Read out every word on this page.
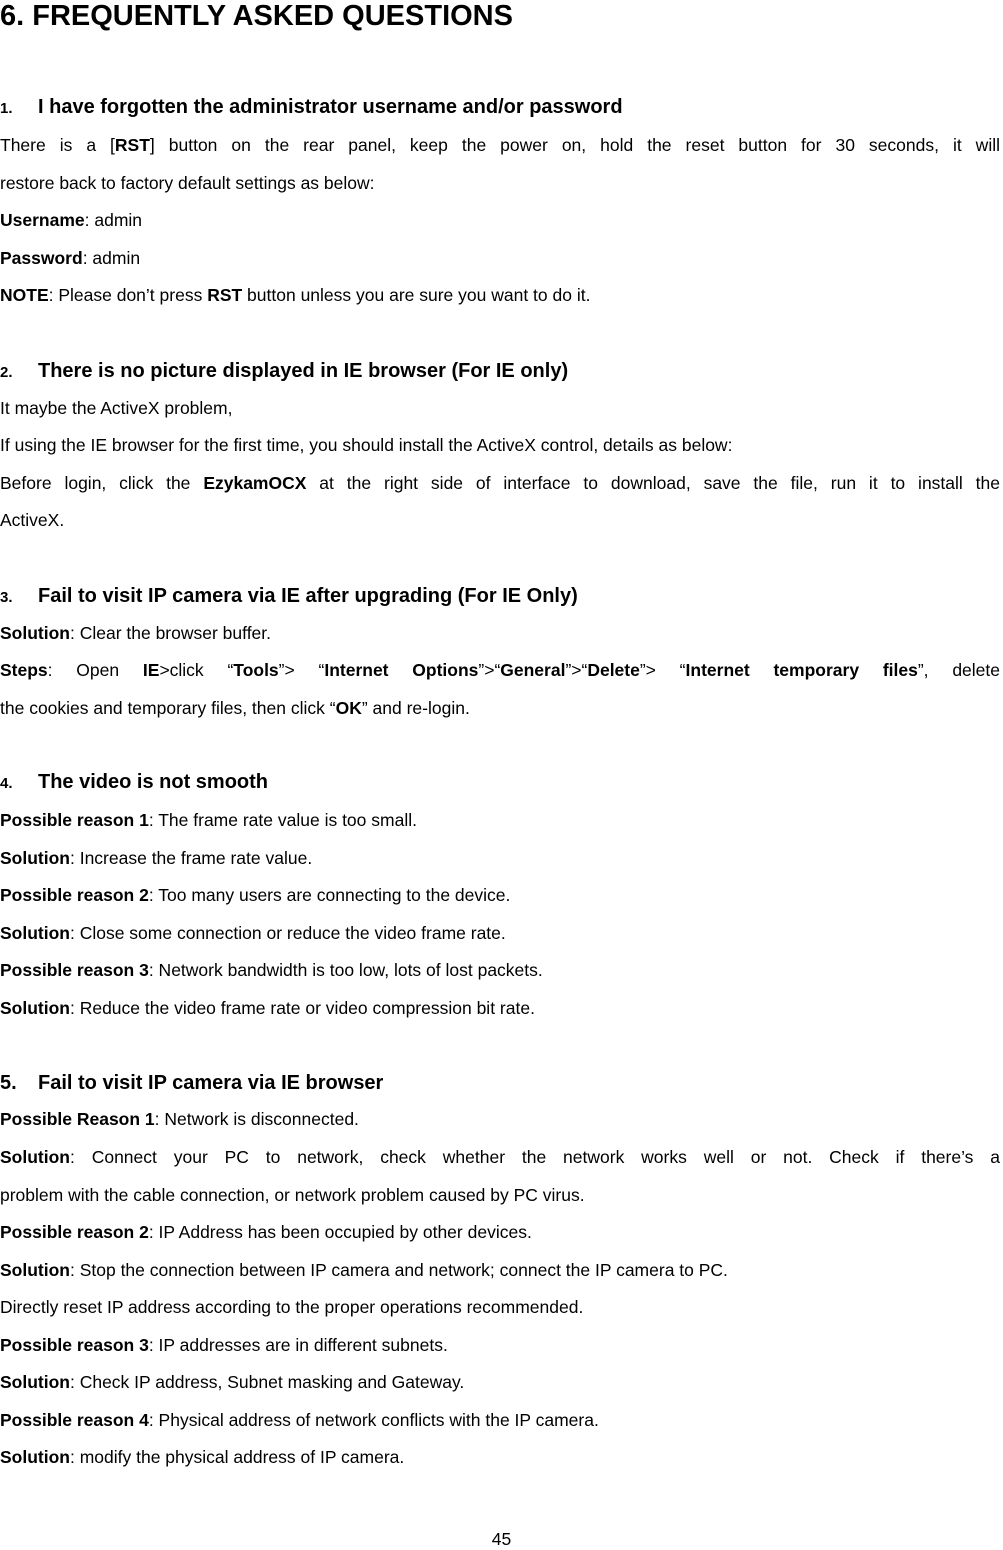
6. FREQUENTLY ASKED QUESTIONS
1. I have forgotten the administrator username and/or password

There is a [RST] button on the rear panel, keep the power on, hold the reset button for 30 seconds, it will

restore back to factory default settings as below:

Username: admin

Password: admin

NOTE: Please don’t press RST button unless you are sure you want to do it.

2. There is no picture displayed in IE browser (For IE only)

It maybe the ActiveX problem,

If using the IE browser for the first time, you should install the ActiveX control, details as below:

Before login, click the EzykamOCX at the right side of interface to download, save the file, run it to install the

ActiveX.

3. Fail to visit IP camera via IE after upgrading (For IE Only)

Solution: Clear the browser buffer.

Steps: Open IE>click “Tools”> “Internet Options”>“General”>“Delete”> “Internet temporary files”, delete

the cookies and temporary files, then click “OK” and re-login.

4. The video is not smooth

Possible reason 1: The frame rate value is too small.

Solution: Increase the frame rate value.

Possible reason 2: Too many users are connecting to the device.

Solution: Close some connection or reduce the video frame rate.

Possible reason 3: Network bandwidth is too low, lots of lost packets.

Solution: Reduce the video frame rate or video compression bit rate.

5. Fail to visit IP camera via IE browser

Possible Reason 1: Network is disconnected.

Solution: Connect your PC to network, check whether the network works well or not. Check if there’s a

problem with the cable connection, or network problem caused by PC virus.

Possible reason 2: IP Address has been occupied by other devices.

Solution: Stop the connection between IP camera and network; connect the IP camera to PC.

Directly reset IP address according to the proper operations recommended.

Possible reason 3: IP addresses are in different subnets.

Solution: Check IP address, Subnet masking and Gateway.

Possible reason 4: Physical address of network conflicts with the IP camera.

Solution: modify the physical address of IP camera.

45
